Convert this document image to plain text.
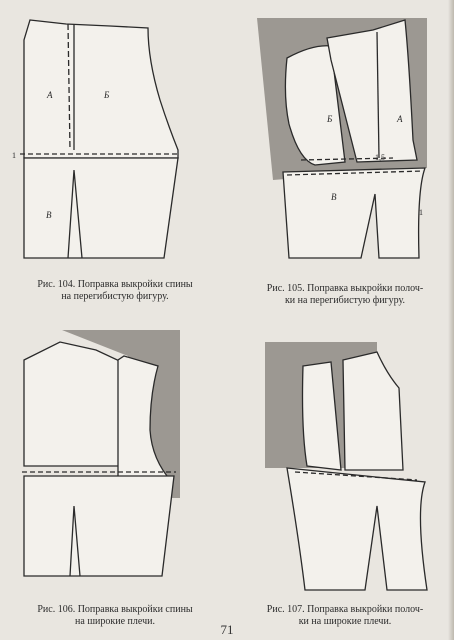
А	Б
В
1
Рис. 104. Поправка выкройки спины
на перегибистую фигуру.
Б	А
В
1,5
1
Рис. 105. Поправка выкройки полоч-
ки на перегибистую фигуру.
Рис. 106. Поправка выкройки спины
на широкие плечи.
Рис. 107. Поправка выкройки полоч-
ки на широкие плечи.
71
